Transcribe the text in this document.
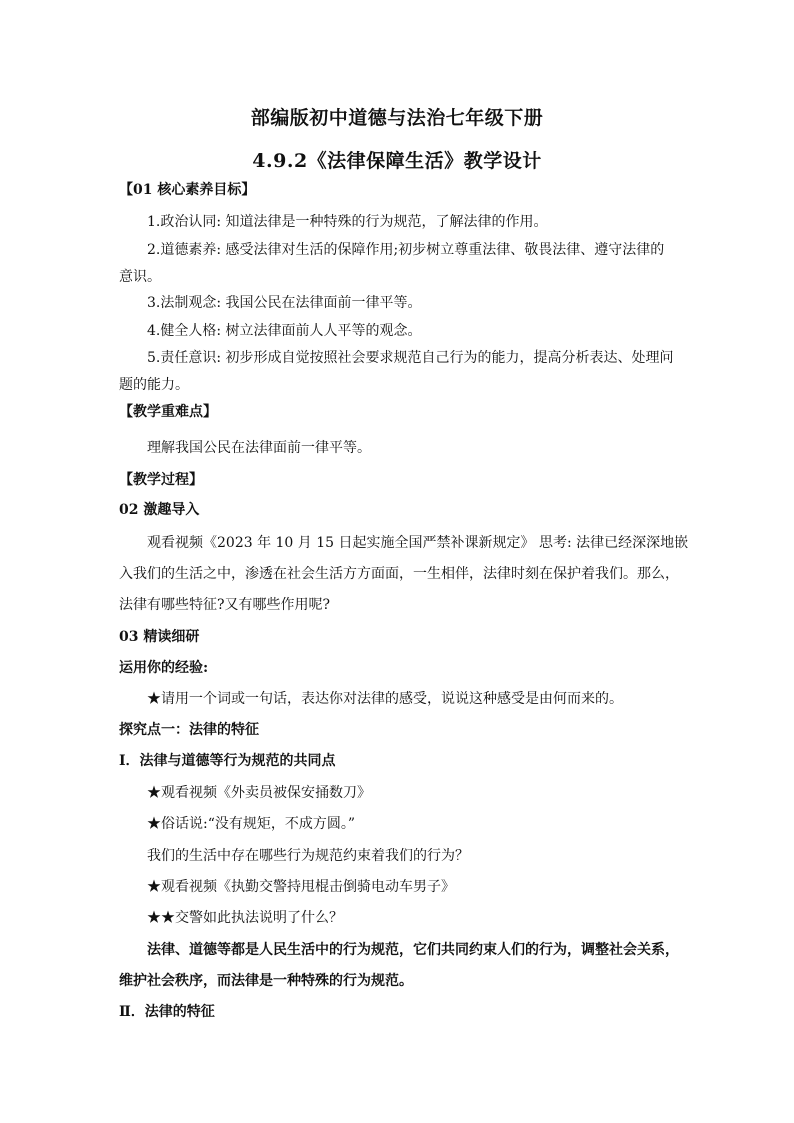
部编版初中道德与法治七年级下册
4.9.2《法律保障生活》教学设计
【01 核心素养目标】
1.政治认同: 知道法律是一种特殊的行为规范，了解法律的作用。
2.道德素养: 感受法律对生活的保障作用;初步树立尊重法律、敬畏法律、遵守法律的
意识。
3.法制观念: 我国公民在法律面前一律平等。
4.健全人格: 树立法律面前人人平等的观念。
5.责任意识: 初步形成自觉按照社会要求规范自己行为的能力，提高分析表达、处理问
题的能力。
【教学重难点】
理解我国公民在法律面前一律平等。
【教学过程】
02 激趣导入
观看视频《2023 年 10 月 15 日起实施全国严禁补课新规定》 思考: 法律已经深深地嵌
入我们的生活之中，渗透在社会生活方方面面，一生相伴，法律时刻在保护着我们。那么，
法律有哪些特征?又有哪些作用呢?
03 精读细研
运用你的经验:
★请用一个词或一句话，表达你对法律的感受，说说这种感受是由何而来的。
探究点一：法律的特征
Ⅰ．法律与道德等行为规范的共同点
★观看视频《外卖员被保安捅数刀》
★俗话说:“没有规矩，不成方圆。”
我们的生活中存在哪些行为规范约束着我们的行为？
★观看视频《执勤交警持甩棍击倒骑电动车男子》
★★交警如此执法说明了什么？
法律、道德等都是人民生活中的行为规范，它们共同约束人们的行为，调整社会关系，
维护社会秩序，而法律是一种特殊的行为规范。
Ⅱ．法律的特征
